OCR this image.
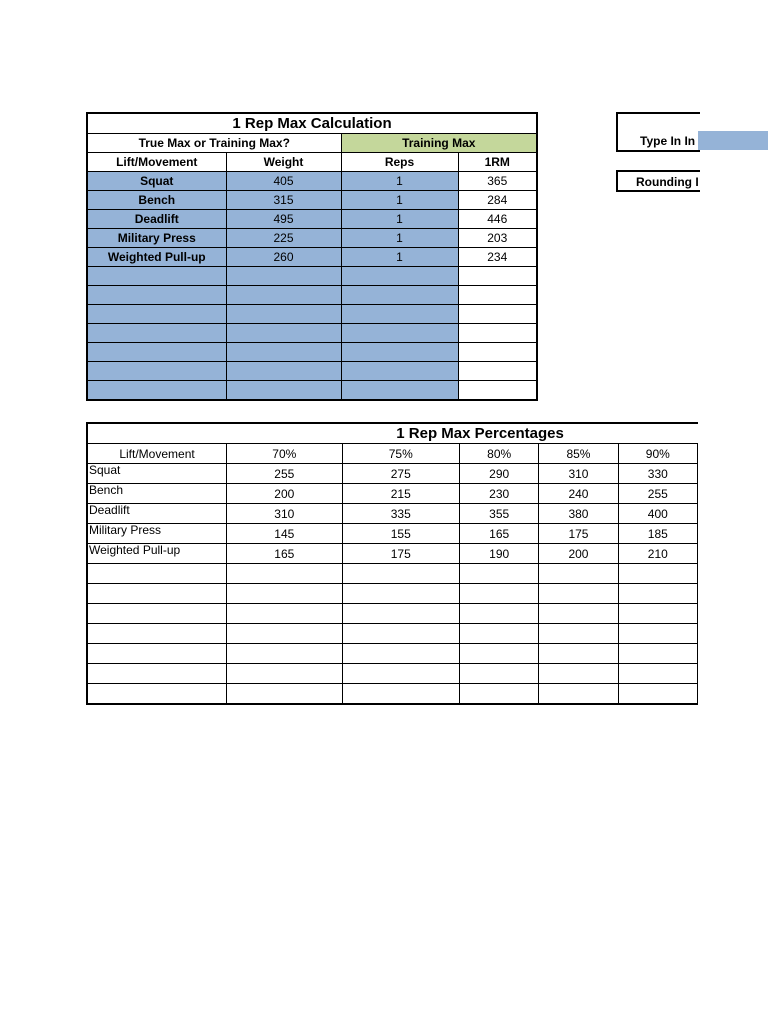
1 Rep Max Calculation			
True Max or Training Max?		Training Max	
Lift/Movement	Weight	Reps	1RM
Squat	405	1	365
Bench	315	1	284
Deadlift	495	1	446
Military Press	225	1	203
Weighted Pull-up	260	1	234

Type In In
Rounding I
		1 Rep Max Percentages			
Lift/Movement	70%	75%	80%	85%	90%
Squat	255	275	290	310	330
Bench	200	215	230	240	255
Deadlift	310	335	355	380	400
Military Press	145	155	165	175	185
Weighted Pull-up	165	175	190	200	210
